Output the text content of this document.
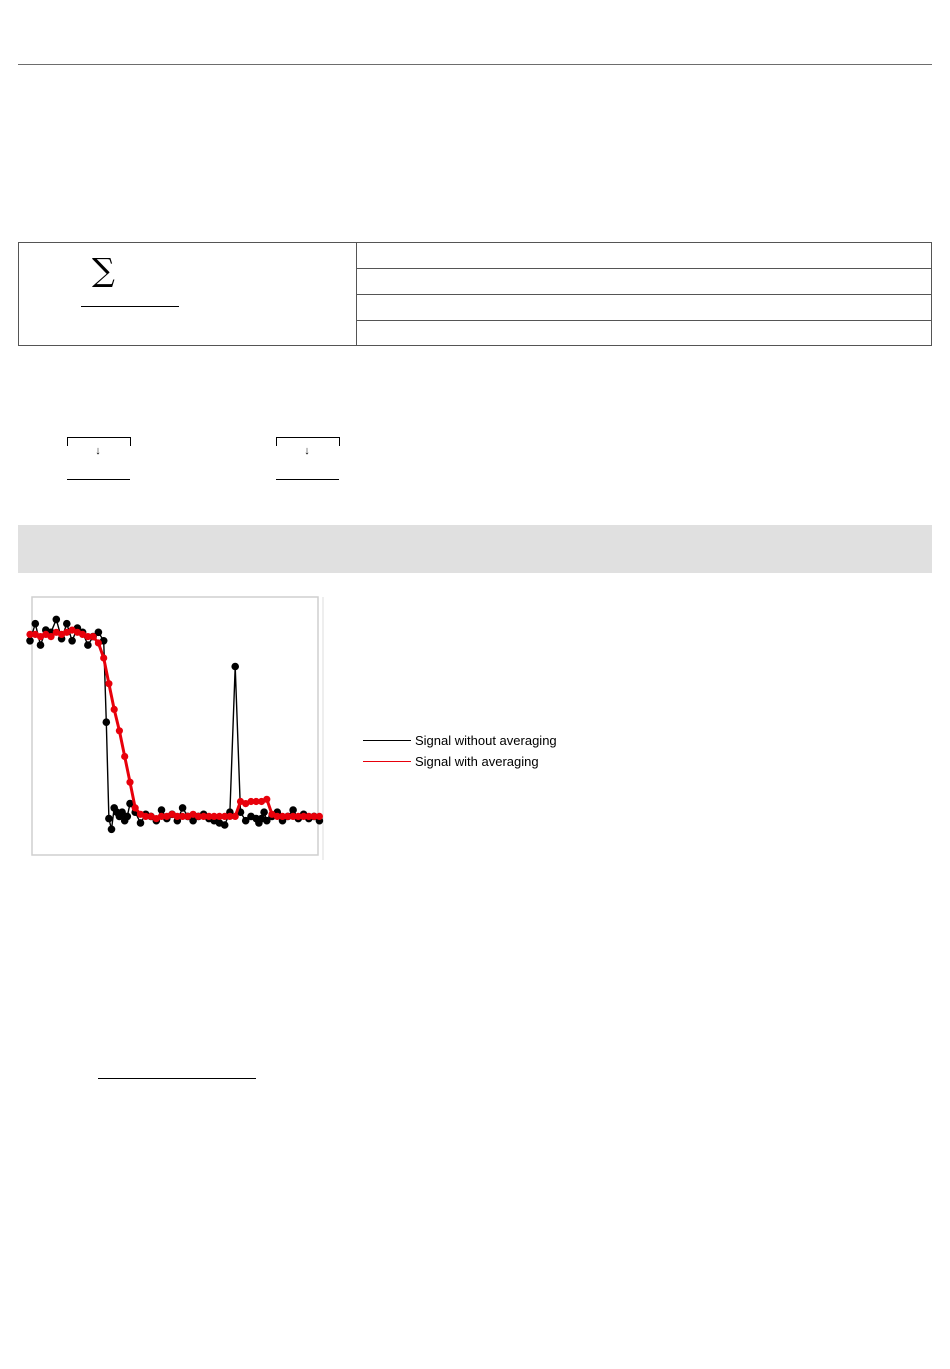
∑
↓	↓
Signal without averaging
Signal with averaging
